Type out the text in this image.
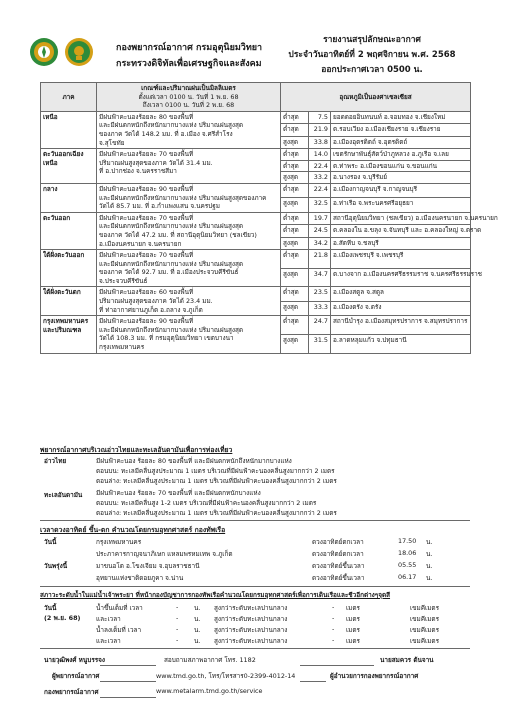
กองพยากรณ์อากาศ กรมอุตุนิยมวิทยา
กระทรวงดิจิทัลเพื่อเศรษฐกิจและสังคม
รายงานสรุปลักษณะอากาศ
ประจำวันอาทิตย์ที่ 2 พฤศจิกายน พ.ศ. 2568
ออกประกาศเวลา 0500 น.
ภาค	เกณฑ์และปริมาณฝนเป็นมิลลิเมตร
ตั้งแต่เวลา 0100 น. วันที่ 1 พ.ย. 68
ถึงเวลา 0100 น. วันที่ 2 พ.ย. 68	อุณหภูมิเป็นองศาเซลเซียส		
เหนือ	มีฝนฟ้าคะนองร้อยละ 80 ของพื้นที่
และมีฝนตกหนักถึงหนักมากบางแห่ง ปริมาณฝนสูงสุด
ของภาค วัดได้ 148.2 มม. ที่ อ.เมือง จ.ศรีสำโรง
จ.สุโขทัย	ต่ำสุด	7.5	ยอดดอยอินทนนท์ อ.จอมทอง จ.เชียงใหม่
		ต่ำสุด	21.9	ต.รอบเวียง อ.เมืองเชียงราย จ.เชียงราย
		สูงสุด	33.8	อ.เมืองอุตรดิตถ์ จ.อุตรดิตถ์
ตะวันออกเฉียงเหนือ	มีฝนฟ้าคะนองร้อยละ 70 ของพื้นที่
ปริมาณฝนสูงสุดของภาค วัดได้ 31.4 มม.
ที่ อ.ปากช่อง จ.นครราชสีมา	ต่ำสุด	14.0	เขตรักษาพันธุ์สัตว์ป่าภูหลวง อ.ภูเรือ จ.เลย
		ต่ำสุด	22.4	ต.ท่าพระ อ.เมืองขอนแก่น จ.ขอนแก่น
		สูงสุด	33.2	อ.นางรอง จ.บุรีรัมย์
กลาง	มีฝนฟ้าคะนองร้อยละ 90 ของพื้นที่
และมีฝนตกหนักถึงหนักมากบางแห่ง ปริมาณฝนสูงสุดของภาค
วัดได้ 85.7 มม. ที่ อ.กำแพงแสน จ.นครปฐม	ต่ำสุด	22.4	อ.เมืองกาญจนบุรี จ.กาญจนบุรี
		สูงสุด	32.5	อ.ท่าเรือ จ.พระนครศรีอยุธยา
ตะวันออก	มีฝนฟ้าคะนองร้อยละ 70 ของพื้นที่
และมีฝนตกหนักถึงหนักมากบางแห่ง ปริมาณฝนสูงสุด
ของภาค วัดได้ 47.2 มม. ที่ สถานีอุตุนิยมวิทยา (ชลเขียว)
อ.เมืองนครนายก จ.นครนายก	ต่ำสุด	19.7	สถานีอุตุนิยมวิทยา (ชลเขียว) อ.เมืองนครนายก จ.นครนายก
		ต่ำสุด	24.5	ต.คลองใน อ.ขลุง จ.จันทบุรี และ อ.คลองใหญ่ จ.ตราด
		สูงสุด	34.2	อ.สัตหีบ จ.ชลบุรี
ใต้ฝั่งตะวันออก	มีฝนฟ้าคะนองร้อยละ 70 ของพื้นที่
และมีฝนตกหนักถึงหนักมากบางแห่ง ปริมาณฝนสูงสุด
ของภาค วัดได้ 92.7 มม. ที่ อ.เมืองประจวบคีรีขันธ์
จ.ประจวบคีรีขันธ์	ต่ำสุด	21.8	อ.เมืองเพชรบุรี จ.เพชรบุรี
		สูงสุด	34.7	ต.บางจาก อ.เมืองนครศรีธรรมราช จ.นครศรีธรรมราช
ใต้ฝั่งตะวันตก	มีฝนฟ้าคะนองร้อยละ 60 ของพื้นที่
ปริมาณฝนสูงสุดของภาค วัดได้ 23.4 มม.
ที่ ท่าอากาศยานภูเก็ต อ.ถลาง จ.ภูเก็ต	ต่ำสุด	23.5	อ.เมืองสตูล จ.สตูล
		สูงสุด	33.3	อ.เมืองตรัง จ.ตรัง
กรุงเทพมหานคร และปริมณฑล	มีฝนฟ้าคะนองร้อยละ 90 ของพื้นที่
และมีฝนตกหนักถึงหนักมากบางแห่ง ปริมาณฝนสูงสุด
วัดได้ 108.3 มม. ที่ กรมอุตุนิยมวิทยา เขตบางนา
กรุงเทพมหานคร	ต่ำสุด	24.7	สถานีบำรุง อ.เมืองสมุทรปราการ จ.สมุทรปราการ
		สูงสุด	31.5	อ.ลาดหลุมแก้ว จ.ปทุมธานี
พยากรณ์อากาศบริเวณอ่าวไทยและทะเลอันดามันเพื่อการท่องเที่ยว
อ่าวไทย	มีฝนฟ้าคะนอง ร้อยละ 80 ของพื้นที่ และมีฝนตกหนักถึงหนักมากบางแห่ง
ตอนบน: ทะเลมีคลื่นสูงประมาณ 1 เมตร บริเวณที่มีฝนฟ้าคะนองคลื่นสูงมากกว่า 2 เมตร
ตอนล่าง: ทะเลมีคลื่นสูงประมาณ 1 เมตร บริเวณที่มีฝนฟ้าคะนองคลื่นสูงมากกว่า 2 เมตร
ทะเลอันดามัน มีฝนฟ้าคะนอง ร้อยละ 70 ของพื้นที่ และมีฝนตกหนักบางแห่ง
ตอนบน: ทะเลมีคลื่นสูง 1-2 เมตร บริเวณที่มีฝนฟ้าคะนองคลื่นสูงมากกว่า 2 เมตร
ตอนล่าง: ทะเลมีคลื่นสูงประมาณ 1 เมตร บริเวณที่มีฝนฟ้าคะนองคลื่นสูงมากกว่า 2 เมตร
เวลาดวงอาทิตย์ ขึ้น-ตก คำนวณโดยกรมอุทกศาสตร์ กองทัพเรือ
วันนี้	กรุงเทพมหานคร	ดวงอาทิตย์ตกเวลา	17.50 น.
ประภาคารกาญจนาภิเษก แหลมพรหมเทพ จ.ภูเก็ต	ดวงอาทิตย์ตกเวลา	18.06 น.
วันพรุ่งนี้	มาขนอโต อ.โขงเจียม จ.อุบลราชธานี	ดวงอาทิตย์ขึ้นเวลา	05.55 น.
อุทยานแห่งชาติดอยภูคา จ.น่าน	ดวงอาทิตย์ขึ้นเวลา	06.17 น.
สภาวะระดับน้ำในแม่น้ำเจ้าพระยา ที่หน้ากองบัญชาการกองทัพเรือคำนวณโดยกรมอุทกศาสตร์เพื่อการเดินเรือและชีวอีกต่างๆจุดสี
วันนี้
(2 พ.ย. 68)
น้ำขึ้นเต็มที่ เวลา	- น. สูงกว่าระดับทะเลปานกลาง	- เมตร	เขมคีเมตร
และเวลา	- น. สูงกว่าระดับทะเลปานกลาง	- เมตร	เขมคีเมตร
น้ำลงเต็มที่ เวลา	- น. สูงกว่าระดับทะเลปานกลาง	- เมตร	เขมคีเมตร
และเวลา	- น. สูงกว่าระดับทะเลปานกลาง	- เมตร	เขมคีเมตร
นายวุฒิพงศ์ หนูบรรจง
ผู้พยากรณ์อากาศ
กองพยากรณ์อากาศ
สอบถามสภาพอากาศ โทร. 1182
www.tmd.go.th, โทร/โทรสาร0-2399-4012-14
www.metalarm.tmd.go.th/service
นายสมควร ต้นจาน
ผู้อำนวยการกองพยากรณ์อากาศ
